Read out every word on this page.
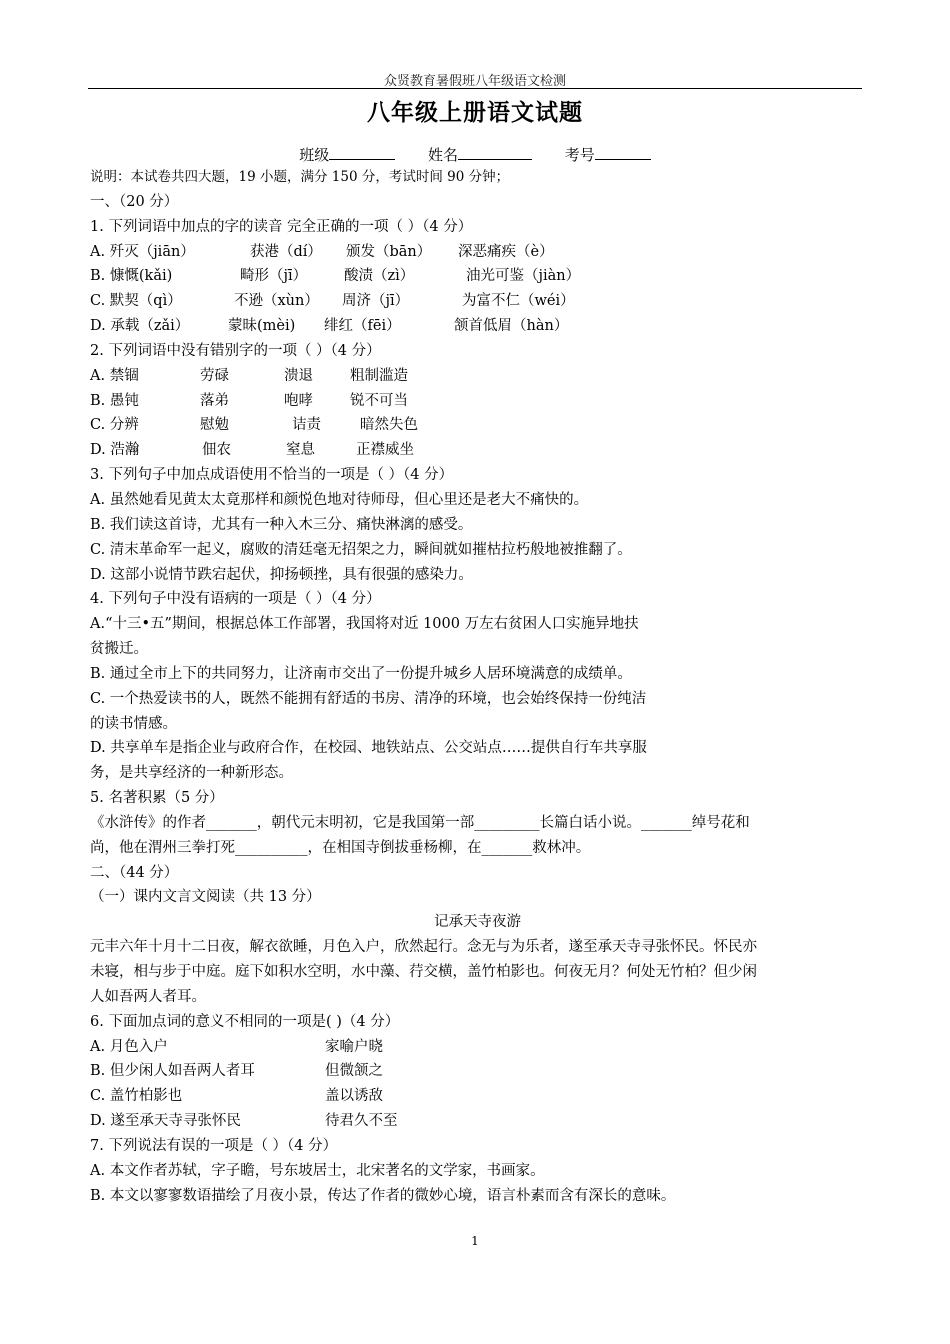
众贤教育暑假班八年级语文检测
八年级上册语文试题
班级	姓名	考号
说明：本试卷共四大题，19 小题，满分 150 分，考试时间 90 分钟；
一、（20 分）
1. 下列词语中加点的字的读音 完全正确的一项（ ）（4 分）
A. 歼灭（jiān）	获港（dí） 颁发（bān） 深恶痛疾（è）
B. 慷慨(kǎi)	畸形（jī）	酸渍（zì）	油光可鉴（jiàn）
C. 默契（qì）	不逊（xùn） 周济（jī）	为富不仁（wéi）
D. 承载（zǎi）	蒙昧(mèi) 绯红（fēi）	颔首低眉（hàn）
2. 下列词语中没有错别字的一项（ ）（4 分）
A. 禁锢	劳碌	溃退	粗制滥造
B. 愚钝	落弟	咆哮	锐不可当
C. 分辨	慰勉	诘责	暗然失色
D. 浩瀚	佃农	窒息	正襟威坐
3. 下列句子中加点成语使用不恰当的一项是（ ）（4 分）
A. 虽然她看见黄太太竟那样和颜悦色地对待师母，但心里还是老大不痛快的。
B. 我们读这首诗，尤其有一种入木三分、痛快淋漓的感受。
C. 清末革命军一起义，腐败的清廷毫无招架之力，瞬间就如摧枯拉朽般地被推翻了。
D. 这部小说情节跌宕起伏，抑扬顿挫，具有很强的感染力。
4. 下列句子中没有语病的一项是（ ）（4 分）
A.“十三•五”期间，根据总体工作部署，我国将对近 1000 万左右贫困人口实施异地扶
贫搬迁。
B. 通过全市上下的共同努力，让济南市交出了一份提升城乡人居环境满意的成绩单。
C. 一个热爱读书的人，既然不能拥有舒适的书房、清净的环境，也会始终保持一份纯洁
的读书情感。
D. 共享单车是指企业与政府合作，在校园、地铁站点、公交站点……提供自行车共享服
务，是共享经济的一种新形态。
5. 名著积累（5 分）
《水浒传》的作者_______，朝代元末明初，它是我国第一部_________长篇白话小说。_______绰号花和
尚，他在渭州三拳打死__________，在相国寺倒拔垂杨柳，在_______救林冲。
二、（44 分）
（一）课内文言文阅读（共 13 分）
记承天寺夜游
元丰六年十月十二日夜，解衣欲睡，月色入户，欣然起行。念无与为乐者，遂至承天寺寻张怀民。怀民亦
未寝，相与步于中庭。庭下如积水空明，水中藻、荇交横，盖竹柏影也。何夜无月？何处无竹柏？但少闲
人如吾两人者耳。
6. 下面加点词的意义不相同的一项是( )（4 分）
A. 月色入户	家喻户晓
B. 但少闲人如吾两人者耳	但微颔之
C. 盖竹柏影也	盖以诱敌
D. 遂至承天寺寻张怀民	待君久不至
7. 下列说法有误的一项是（ ）（4 分）
A. 本文作者苏轼，字子瞻，号东坡居士，北宋著名的文学家，书画家。
B. 本文以寥寥数语描绘了月夜小景，传达了作者的微妙心境，语言朴素而含有深长的意味。
1
